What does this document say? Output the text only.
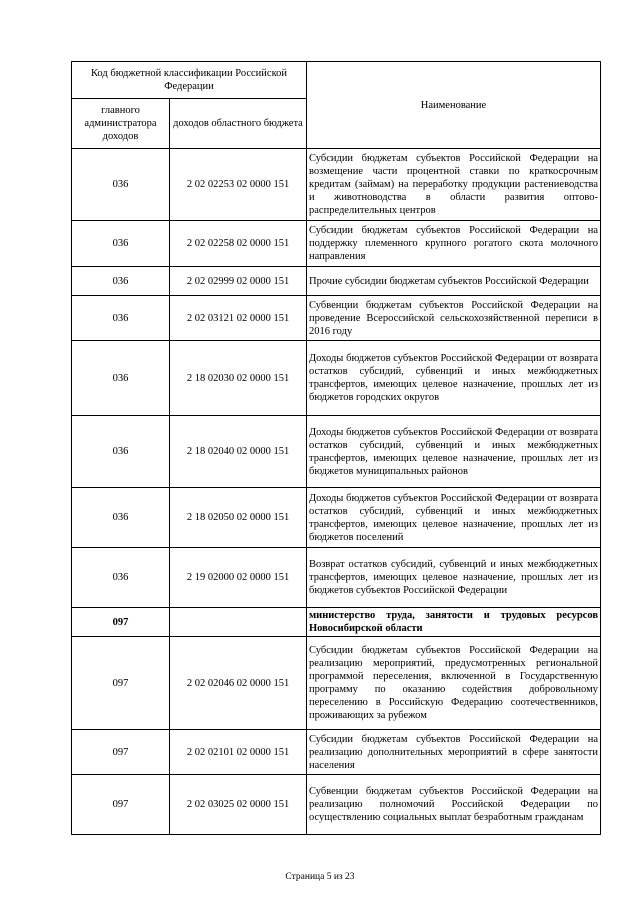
Код бюджетной классификации Российской Федерации		Наименование
главного администратора доходов	доходов областного бюджета	
036	2 02 02253 02 0000 151	Субсидии бюджетам субъектов Российской Федерации на возмещение части процентной ставки по краткосрочным кредитам (займам) на переработку продукции растениеводства и животноводства в области развития оптово-распределительных центров
036	2 02 02258 02 0000 151	Субсидии бюджетам субъектов Российской Федерации на поддержку племенного крупного рогатого скота молочного направления
036	2 02 02999 02 0000 151	Прочие субсидии бюджетам субъектов Российской Федерации
036	2 02 03121 02 0000 151	Субвенции бюджетам субъектов Российской Федерации на проведение Всероссийской сельскохозяйственной переписи в 2016 году
036	2 18 02030 02 0000 151	Доходы бюджетов субъектов Российской Федерации от возврата остатков субсидий, субвенций и иных межбюджетных трансфертов, имеющих целевое назначение, прошлых лет из бюджетов городских округов
036	2 18 02040 02 0000 151	Доходы бюджетов субъектов Российской Федерации от возврата остатков субсидий, субвенций и иных межбюджетных трансфертов, имеющих целевое назначение, прошлых лет из бюджетов муниципальных районов
036	2 18 02050 02 0000 151	Доходы бюджетов субъектов Российской Федерации от возврата остатков субсидий, субвенций и иных межбюджетных трансфертов, имеющих целевое назначение, прошлых лет из бюджетов поселений
036	2 19 02000 02 0000 151	Возврат остатков субсидий, субвенций и иных межбюджетных трансфертов, имеющих целевое назначение, прошлых лет из бюджетов субъектов Российской Федерации
097		министерство труда, занятости и трудовых ресурсов Новосибирской области
097	2 02 02046 02 0000 151	Субсидии бюджетам субъектов Российской Федерации на реализацию мероприятий, предусмотренных региональной программой переселения, включенной в Государственную программу по оказанию содействия добровольному переселению в Российскую Федерацию соотечественников, проживающих за рубежом
097	2 02 02101 02 0000 151	Субсидии бюджетам субъектов Российской Федерации на реализацию дополнительных мероприятий в сфере занятости населения
097	2 02 03025 02 0000 151	Субвенции бюджетам субъектов Российской Федерации на реализацию полномочий Российской Федерации по осуществлению социальных выплат безработным гражданам
Страница 5 из 23
